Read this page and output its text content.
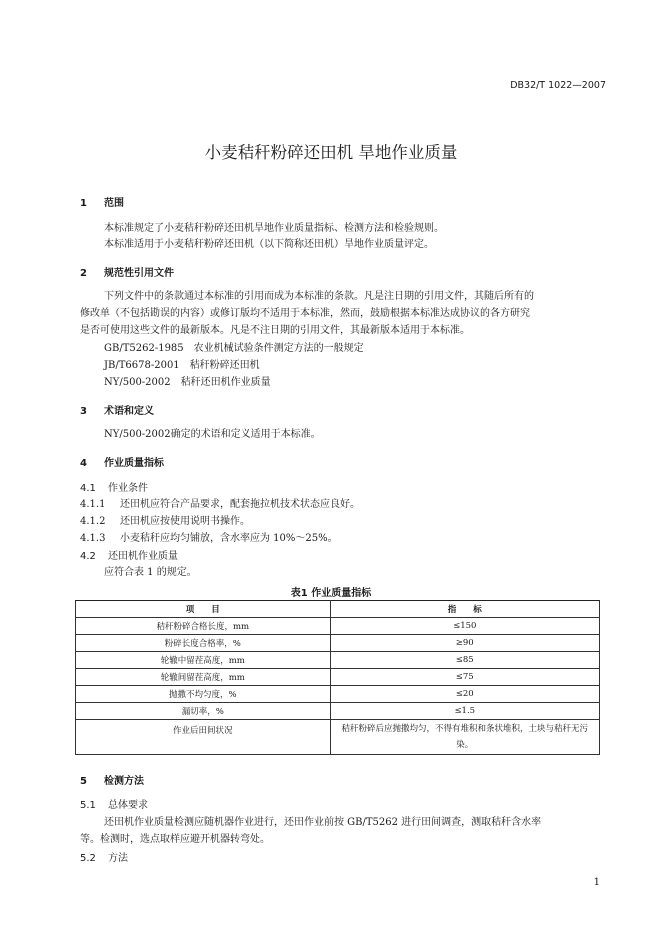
DB32/T 1022—2007
小麦秸秆粉碎还田机 旱地作业质量
1 范围
本标准规定了小麦秸秆粉碎还田机旱地作业质量指标、检测方法和检验规则。
本标准适用于小麦秸秆粉碎还田机（以下简称还田机）旱地作业质量评定。
2 规范性引用文件
下列文件中的条款通过本标准的引用而成为本标准的条款。凡是注日期的引用文件，其随后所有的
修改单（不包括勘误的内容）或修订版均不适用于本标准，然而，鼓励根据本标准达成协议的各方研究
是否可使用这些文件的最新版本。凡是不注日期的引用文件，其最新版本适用于本标准。
GB/T5262-1985　农业机械试验条件测定方法的一般规定
JB/T6678-2001　秸秆粉碎还田机
NY/500-2002　秸秆还田机作业质量
3 术语和定义
NY/500-2002确定的术语和定义适用于本标准。
4 作业质量指标
4.1 作业条件
4.1.1 还田机应符合产品要求，配套拖拉机技术状态应良好。
4.1.2 还田机应按使用说明书操作。
4.1.3 小麦秸秆应均匀铺放，含水率应为 10%～25%。
4.2 还田机作业质量
应符合表 1 的规定。
表1 作业质量指标
项　　目	指　　标
秸秆粉碎合格长度，mm	≤150
粉碎长度合格率，%	≥90
轮辙中留茬高度，mm	≤85
轮辙间留茬高度，mm	≤75
抛撒不均匀度，%	≤20
漏切率，%	≤1.5
作业后田间状况	秸秆粉碎后应抛撒均匀，不得有堆积和条状堆积，土块与秸秆无污染。
5 检测方法
5.1 总体要求
还田机作业质量检测应随机器作业进行，还田作业前按 GB/T5262 进行田间调查，测取秸秆含水率
等。检测时，选点取样应避开机器转弯处。
5.2 方法
1
